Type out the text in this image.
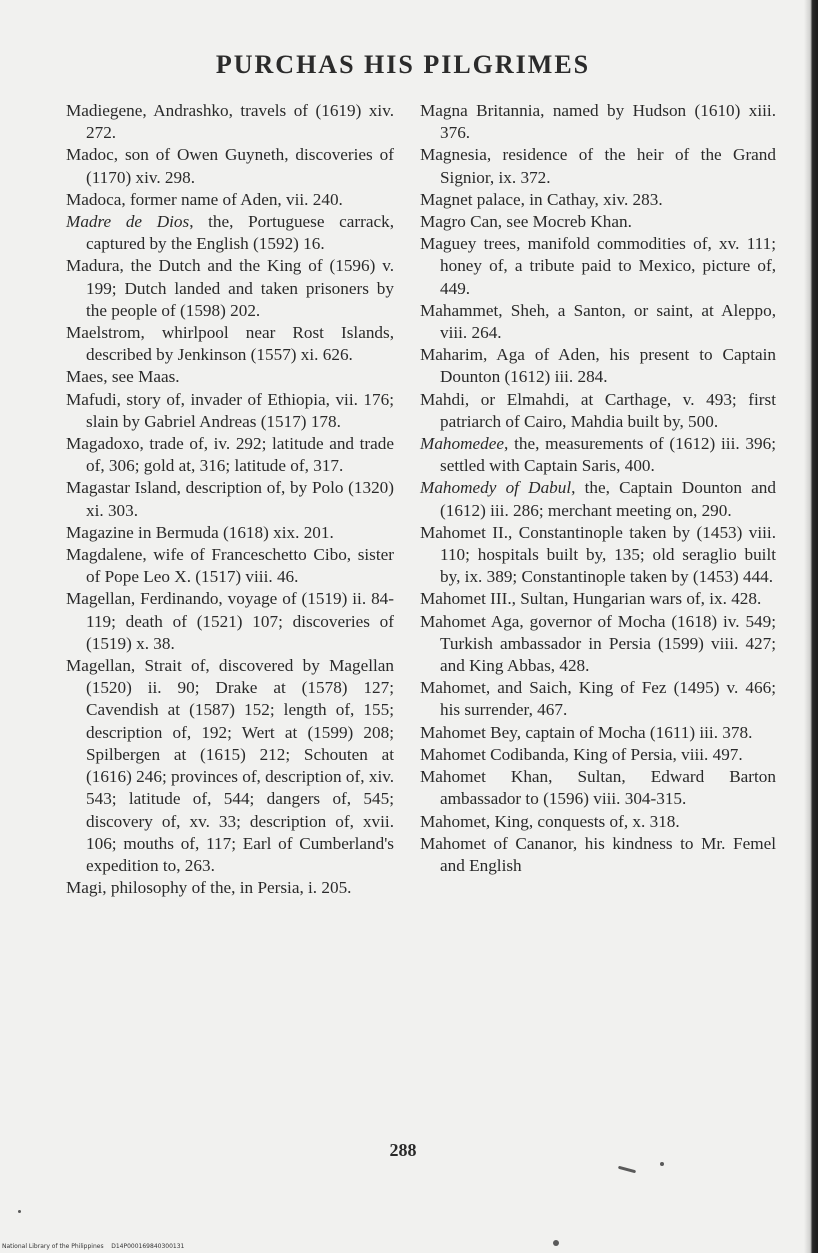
PURCHAS HIS PILGRIMES

Madiegene, Andrashko, travels of (1619) xiv. 272.

Madoc, son of Owen Guyneth, discoveries of (1170) xiv. 298.

Madoca, former name of Aden, vii. 240.

Madre de Dios, the, Portuguese carrack, captured by the English (1592) 16.

Madura, the Dutch and the King of (1596) v. 199; Dutch landed and taken prisoners by the people of (1598) 202.

Maelstrom, whirlpool near Rost Islands, described by Jenkinson (1557) xi. 626.

Maes, see Maas.

Mafudi, story of, invader of Ethiopia, vii. 176; slain by Gabriel Andreas (1517) 178.

Magadoxo, trade of, iv. 292; latitude and trade of, 306; gold at, 316; latitude of, 317.

Magastar Island, description of, by Polo (1320) xi. 303.

Magazine in Bermuda (1618) xix. 201.

Magdalene, wife of Franceschetto Cibo, sister of Pope Leo X. (1517) viii. 46.

Magellan, Ferdinando, voyage of (1519) ii. 84-119; death of (1521) 107; discoveries of (1519) x. 38.

Magellan, Strait of, discovered by Magellan (1520) ii. 90; Drake at (1578) 127; Cavendish at (1587) 152; length of, 155; description of, 192; Wert at (1599) 208; Spilbergen at (1615) 212; Schouten at (1616) 246; provinces of, description of, xiv. 543; latitude of, 544; dangers of, 545; discovery of, xv. 33; description of, xvii. 106; mouths of, 117; Earl of Cumberland's expedition to, 263.

Magi, philosophy of the, in Persia, i. 205.

Magna Britannia, named by Hudson (1610) xiii. 376.

Magnesia, residence of the heir of the Grand Signior, ix. 372.

Magnet palace, in Cathay, xiv. 283.

Magro Can, see Mocreb Khan.

Maguey trees, manifold commodities of, xv. 111; honey of, a tribute paid to Mexico, picture of, 449.

Mahammet, Sheh, a Santon, or saint, at Aleppo, viii. 264.

Maharim, Aga of Aden, his present to Captain Dounton (1612) iii. 284.

Mahdi, or Elmahdi, at Carthage, v. 493; first patriarch of Cairo, Mahdia built by, 500.

Mahomedee, the, measurements of (1612) iii. 396; settled with Captain Saris, 400.

Mahomedy of Dabul, the, Captain Dounton and (1612) iii. 286; merchant meeting on, 290.

Mahomet II., Constantinople taken by (1453) viii. 110; hospitals built by, 135; old seraglio built by, ix. 389; Constantinople taken by (1453) 444.

Mahomet III., Sultan, Hungarian wars of, ix. 428.

Mahomet Aga, governor of Mocha (1618) iv. 549; Turkish ambassador in Persia (1599) viii. 427; and King Abbas, 428.

Mahomet, and Saich, King of Fez (1495) v. 466; his surrender, 467.

Mahomet Bey, captain of Mocha (1611) iii. 378.

Mahomet Codibanda, King of Persia, viii. 497.

Mahomet Khan, Sultan, Edward Barton ambassador to (1596) viii. 304-315.

Mahomet, King, conquests of, x. 318.

Mahomet of Cananor, his kindness to Mr. Femel and English

288
National Library of the Philippines D14P000169840300131
